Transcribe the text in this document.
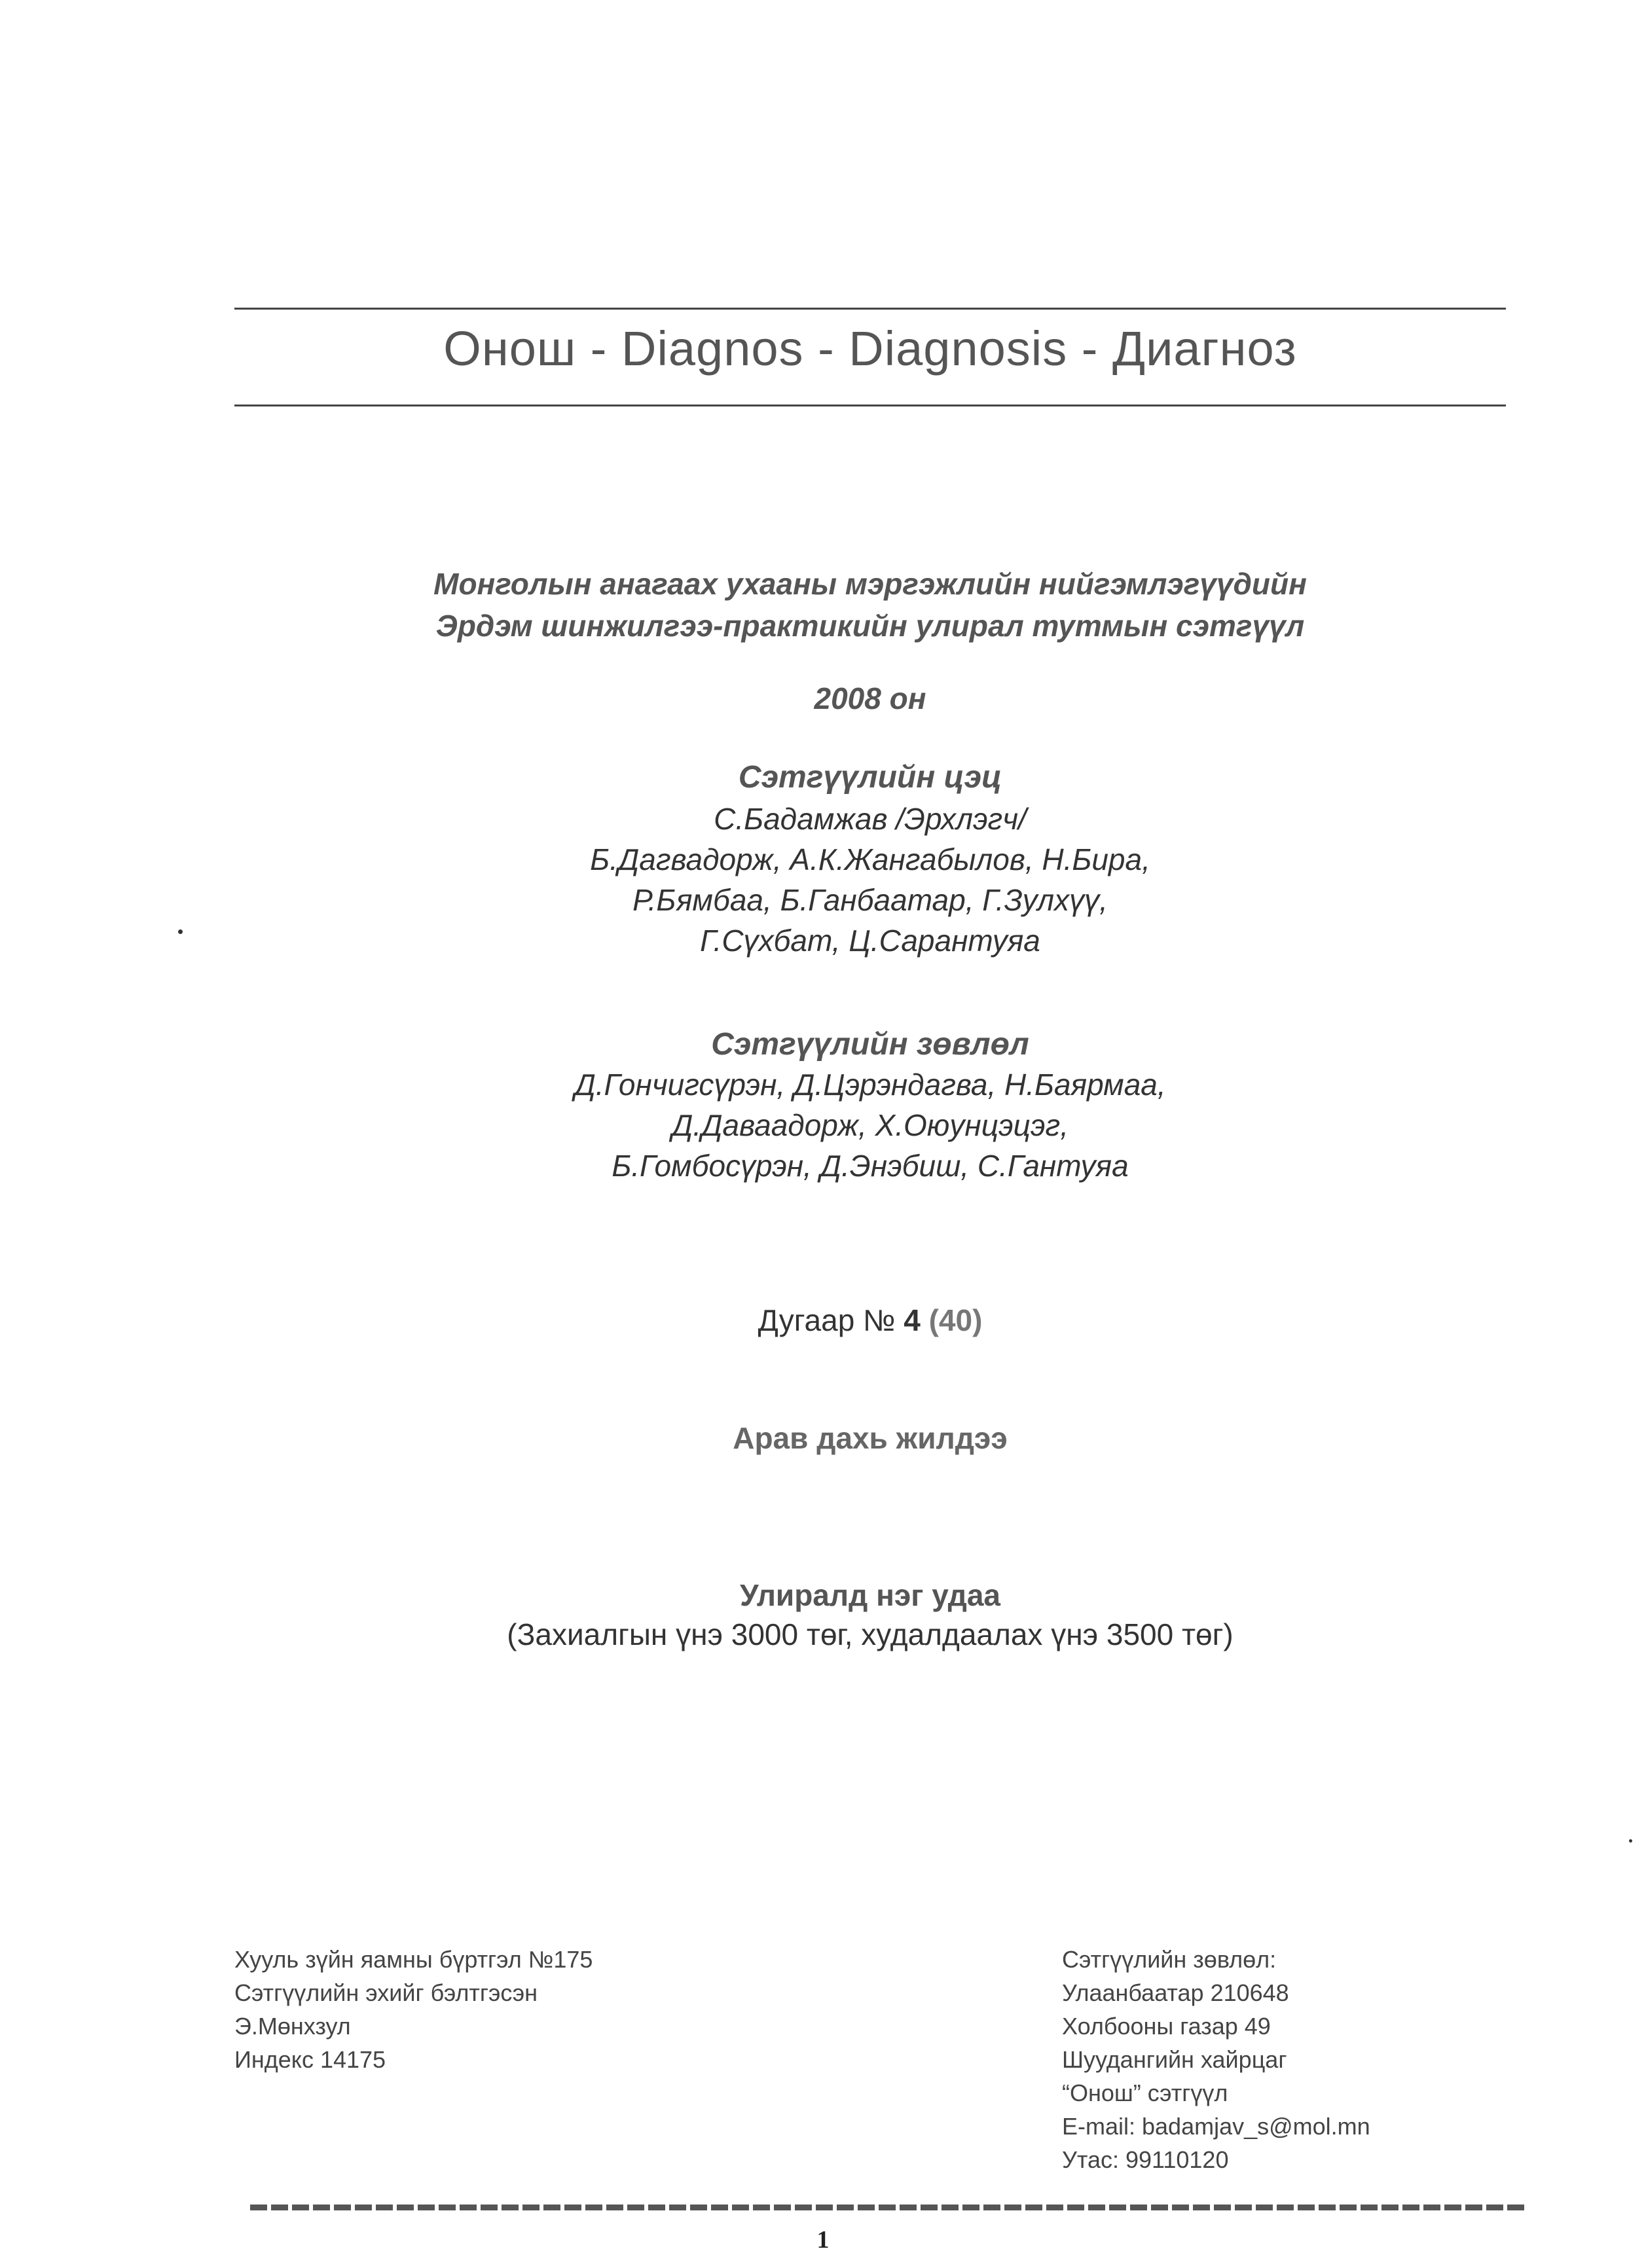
Онош - Diagnos - Diagnosis - Диагноз
Монголын анагаах ухааны мэргэжлийн нийгэмлэгүүдийн
Эрдэм шинжилгээ-практикийн улирал тутмын сэтгүүл
2008 он
Сэтгүүлийн цэц
С.Бадамжав /Эрхлэгч/
Б.Дагвадорж, А.К.Жангабылов, Н.Бира,
Р.Бямбаа, Б.Ганбаатар, Г.Зулхүү,
Г.Сүхбат, Ц.Сарантуяа
Сэтгүүлийн зөвлөл
Д.Гончигсүрэн, Д.Цэрэндагва, Н.Баярмаа,
Д.Даваадорж, Х.Оюунцэцэг,
Б.Гомбосүрэн, Д.Энэбиш, С.Гантуяа
Дугаар № 4 (40)
Арав дахь жилдээ
Улиралд нэг удаа
(Захиалгын үнэ 3000 төг, худалдаалах үнэ 3500 төг)
Хууль зүйн яамны бүртгэл №175
Сэтгүүлийн эхийг бэлтгэсэн
Э.Мөнхзул
Индекс 14175
Сэтгүүлийн зөвлөл:
Улаанбаатар 210648
Холбооны газар 49
Шуудангийн хайрцаг
“Онош” сэтгүүл
E-mail: badamjav_s@mol.mn
Утас: 99110120
1
